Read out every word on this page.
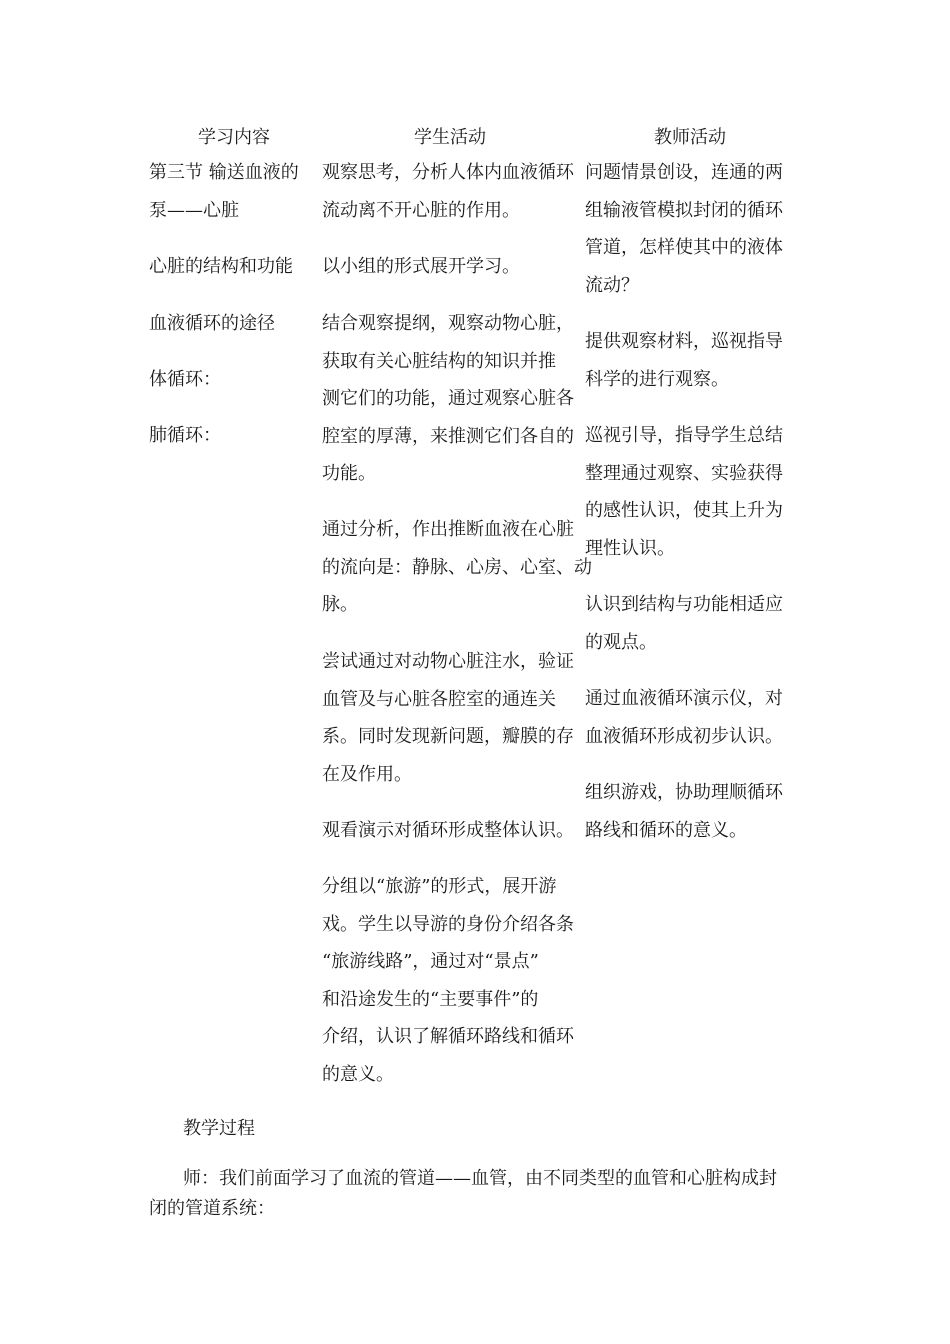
学习内容	学生活动	教师活动
第三节 输送血液的
泵——心脏
心脏的结构和功能
血液循环的途径
体循环：
肺循环：
观察思考，分析人体内血液循环
流动离不开心脏的作用。
以小组的形式展开学习。
结合观察提纲，观察动物心脏，
获取有关心脏结构的知识并推
测它们的功能，通过观察心脏各
腔室的厚薄，来推测它们各自的
功能。
通过分析，作出推断血液在心脏
的流向是：静脉、心房、心室、动
脉。
尝试通过对动物心脏注水，验证
血管及与心脏各腔室的通连关
系。同时发现新问题，瓣膜的存
在及作用。
观看演示对循环形成整体认识。
分组以“旅游”的形式，展开游
戏。学生以导游的身份介绍各条
“旅游线路”，通过对“景点”
和沿途发生的“主要事件”的
介绍，认识了解循环路线和循环
的意义。
问题情景创设，连通的两
组输液管模拟封闭的循环
管道，怎样使其中的液体
流动？
提供观察材料，巡视指导
科学的进行观察。
巡视引导，指导学生总结
整理通过观察、实验获得
的感性认识，使其上升为
理性认识。
认识到结构与功能相适应
的观点。
通过血液循环演示仪，对
血液循环形成初步认识。
组织游戏，协助理顺循环
路线和循环的意义。
教学过程
师：我们前面学习了血流的管道——血管，由不同类型的血管和心脏构成封
闭的管道系统：
